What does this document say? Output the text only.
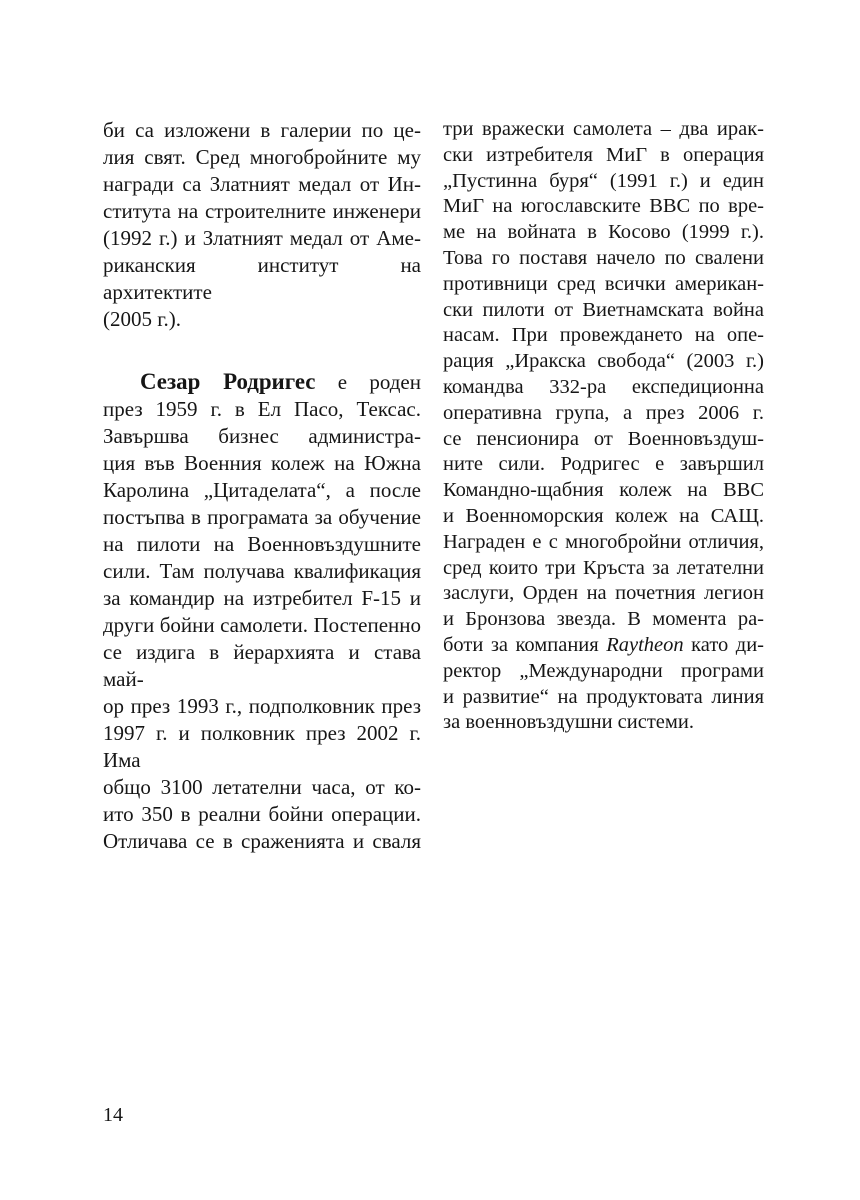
би са изложени в галерии по це-
лия свят. Сред многобройните му
награди са Златният медал от Ин-
ститута на строителните инженери
(1992 г.) и Златният медал от Аме-
риканския институт на архитектите
(2005 г.).
Сезар Родригес е роден
през 1959 г. в Ел Пасо, Тексас.
Завършва бизнес администра-
ция във Военния колеж на Южна
Каролина „Цитаделата“, а после
постъпва в програмата за обучение
на пилоти на Военновъздушните
сили. Там получава квалификация
за командир на изтребител F-15 и
други бойни самолети. Постепенно
се издига в йерархията и става май-
ор през 1993 г., подполковник през
1997 г. и полковник през 2002 г. Има
общо 3100 летателни часа, от ко-
ито 350 в реални бойни операции.
Отличава се в сраженията и сваля
три вражески самолета – два ирак-
ски изтребителя МиГ в операция
„Пустинна буря“ (1991 г.) и един
МиГ на югославските ВВС по вре-
ме на войната в Косово (1999 г.).
Това го поставя начело по свалени
противници сред всички американ-
ски пилоти от Виетнамската война
насам. При провеждането на опе-
рация „Иракска свобода“ (2003 г.)
командва 332-ра експедиционна
оперативна група, а през 2006 г.
се пенсионира от Военновъздуш-
ните сили. Родригес е завършил
Командно-щабния колеж на ВВС
и Военноморския колеж на САЩ.
Награден е с многобройни отличия,
сред които три Кръста за летателни
заслуги, Орден на почетния легион
и Бронзова звезда. В момента ра-
боти за компания Raytheon като ди-
ректор „Международни програми
и развитие“ на продуктовата линия
за военновъздушни системи.
14
